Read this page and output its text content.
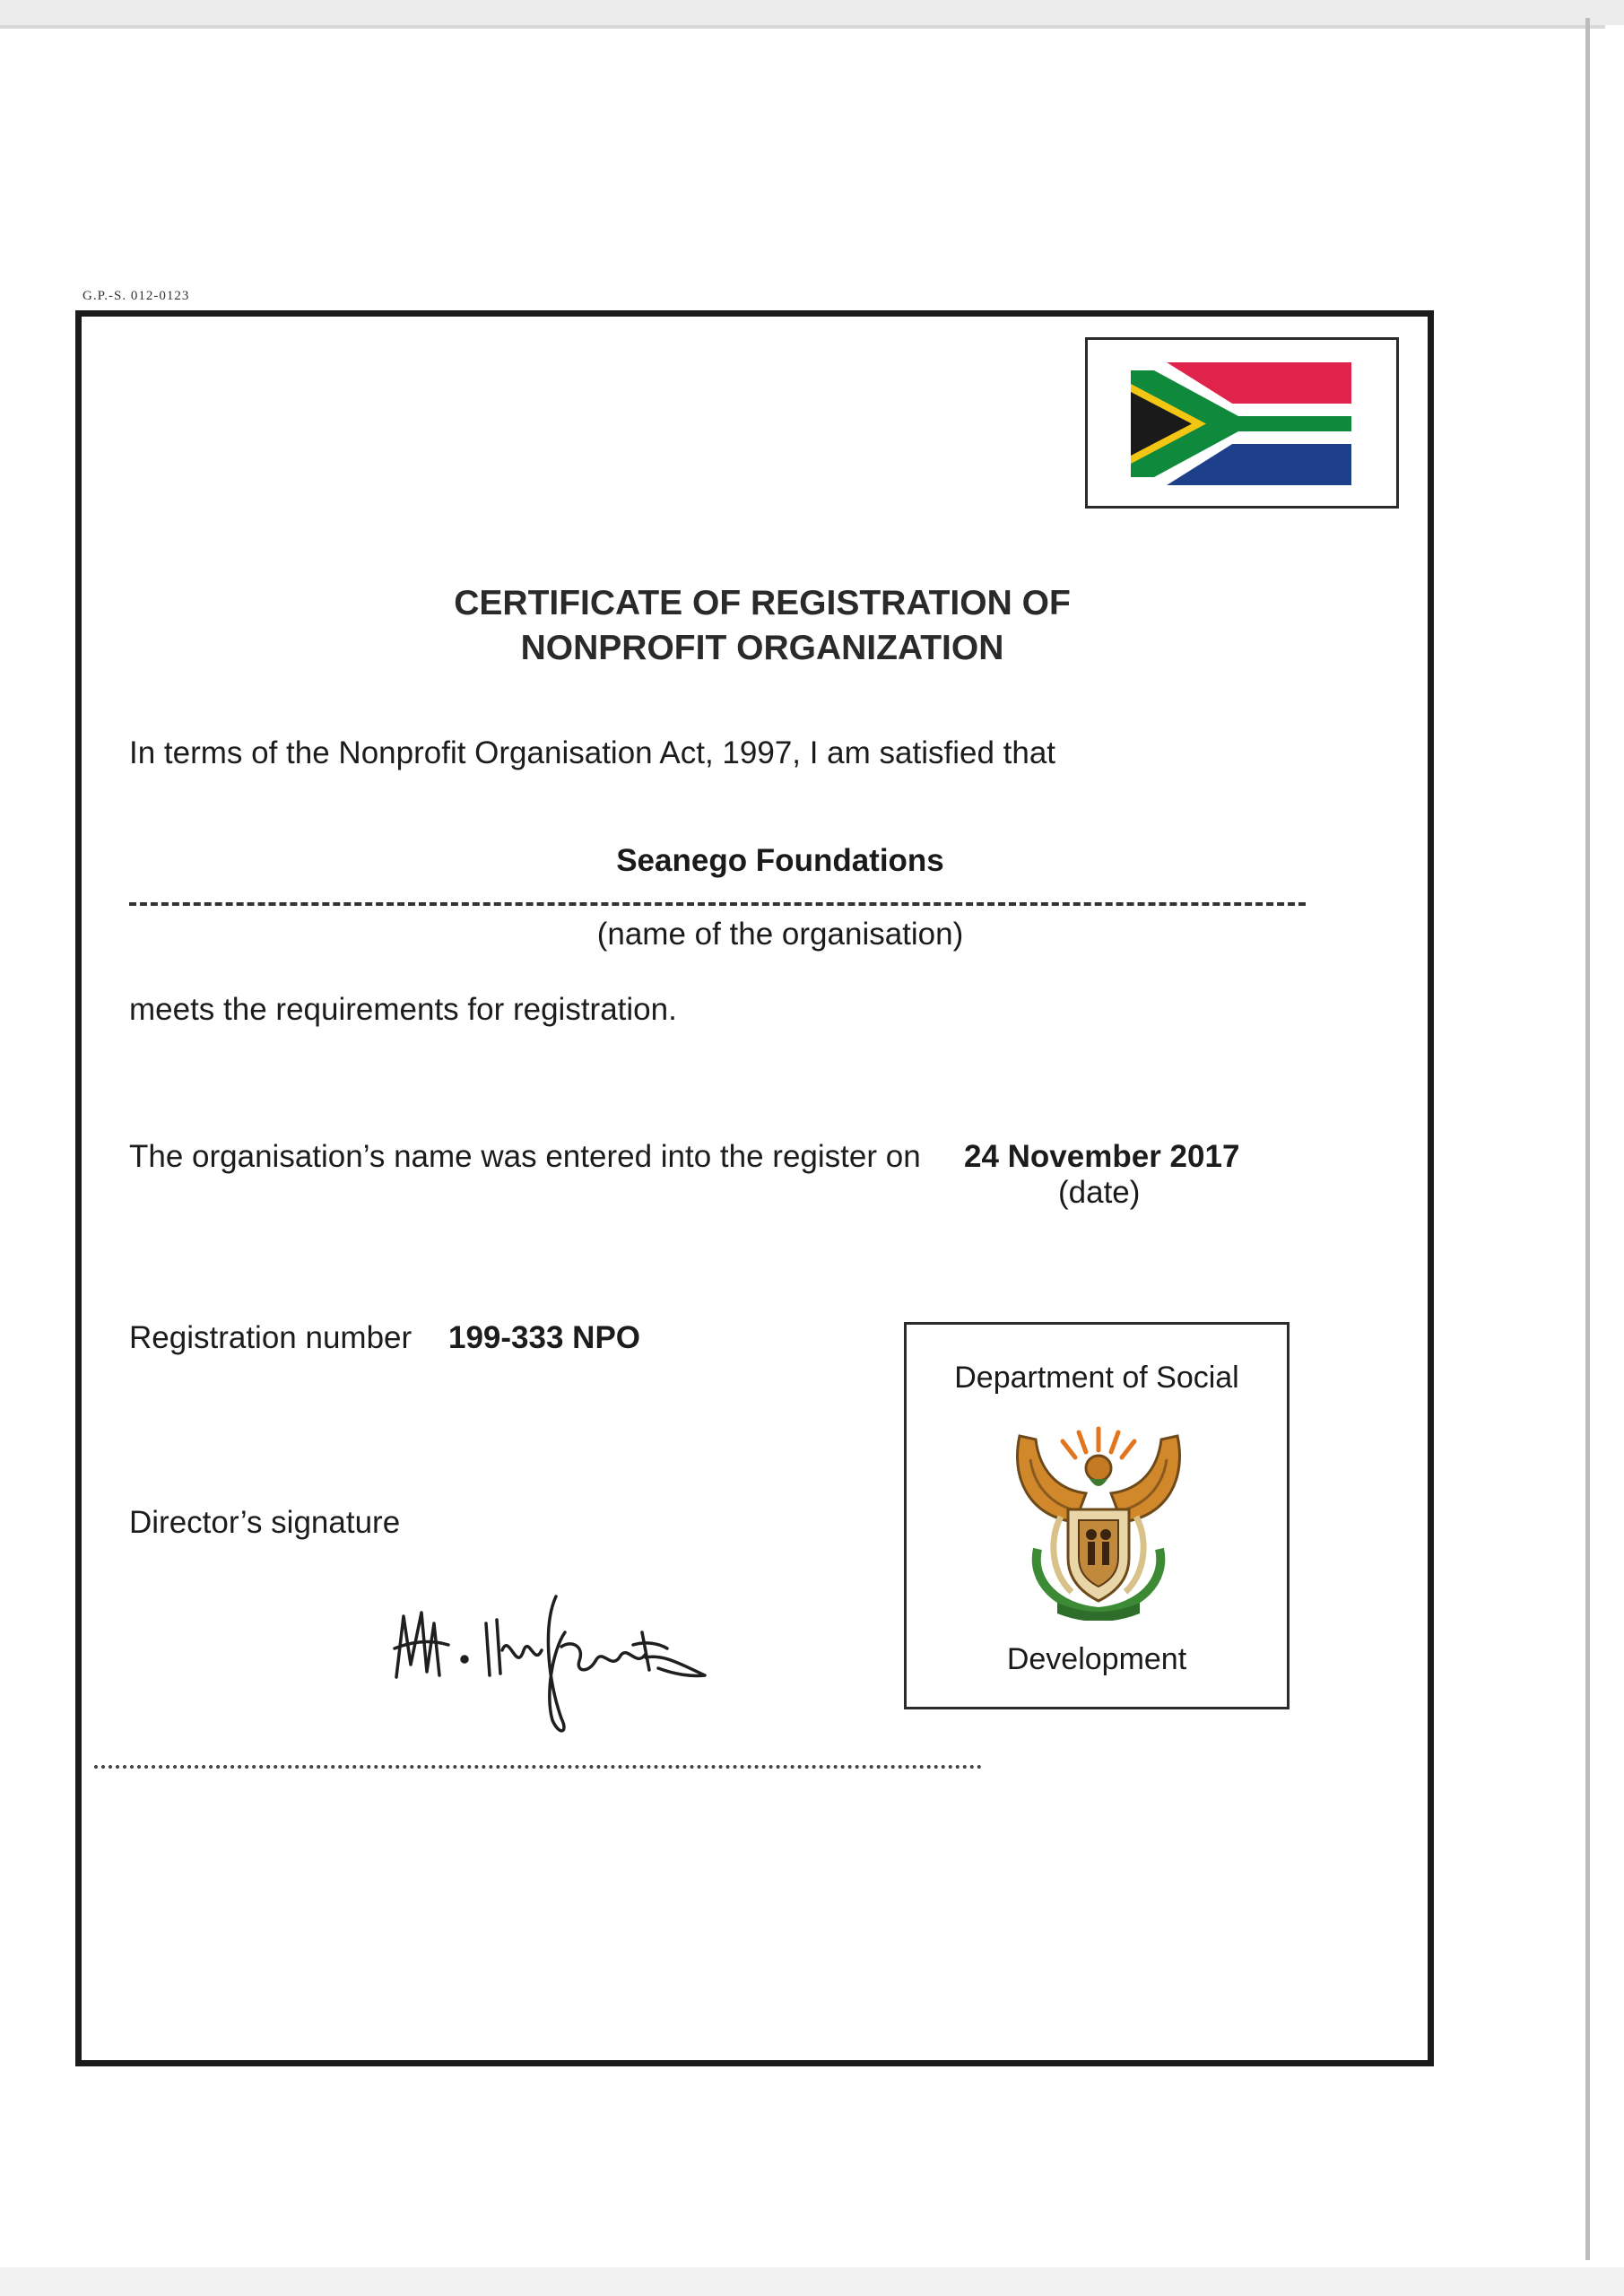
G.P.-S. 012-0123
CERTIFICATE OF REGISTRATION OF
NONPROFIT ORGANIZATION
In terms of the Nonprofit Organisation Act, 1997, I am satisfied that
Seanego Foundations
(name of the organisation)
meets the requirements for registration.
The organisation’s name was entered into the register on 24 November 2017
(date)
Registration number 199-333 NPO
Department of Social
Development
Director’s signature
